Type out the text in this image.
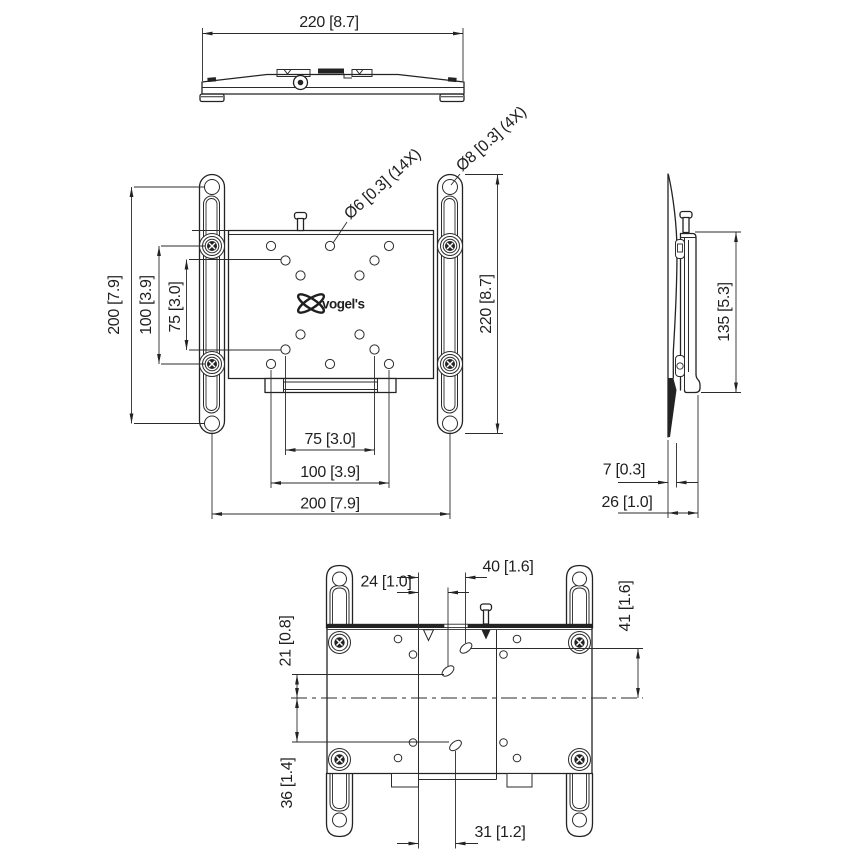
220 [8.7]
vogel's
Ø6 [0.3] (14X)
Ø8 [0.3] (4X)
200 [7.9] 100 [3.9] 75 [3.0]	220 [8.7]
75 [3.0]
100 [3.9]
200 [7.9]
135 [5.3]
7 [0.3]
26 [1.0]
24 [1.0]
40 [1.6]
21 [0.8]
41 [1.6]
36 [1.4]
31 [1.2]
